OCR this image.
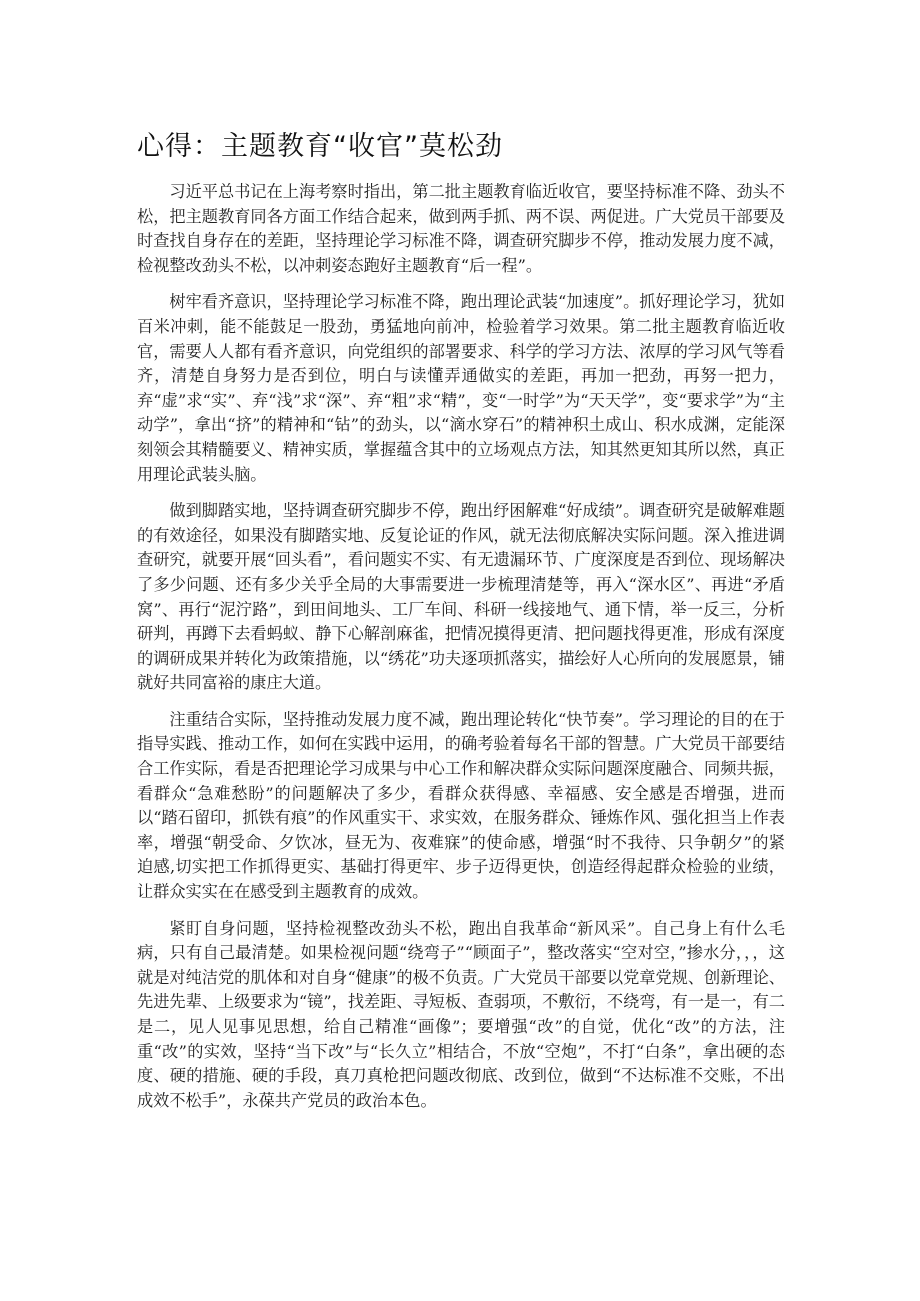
心得：主题教育“收官”莫松劲

习近平总书记在上海考察时指出，第二批主题教育临近收官，要坚持标准不降、劲头不松，把主题教育同各方面工作结合起来，做到两手抓、两不误、两促进。广大党员干部要及时查找自身存在的差距，坚持理论学习标准不降，调查研究脚步不停，推动发展力度不减，检视整改劲头不松，以冲刺姿态跑好主题教育“后一程”。

树牢看齐意识，坚持理论学习标准不降，跑出理论武装“加速度”。抓好理论学习，犹如百米冲刺，能不能鼓足一股劲，勇猛地向前冲，检验着学习效果。第二批主题教育临近收官，需要人人都有看齐意识，向党组织的部署要求、科学的学习方法、浓厚的学习风气等看齐，清楚自身努力是否到位，明白与读懂弄通做实的差距，再加一把劲，再努一把力，弃“虚”求“实”、弃“浅”求“深”、弃“粗”求“精”，变“一时学”为“天天学”，变“要求学”为“主动学”，拿出“挤”的精神和“钻”的劲头，以“滴水穿石”的精神积土成山、积水成渊，定能深刻领会其精髓要义、精神实质，掌握蕴含其中的立场观点方法，知其然更知其所以然，真正用理论武装头脑。

做到脚踏实地，坚持调查研究脚步不停，跑出纾困解难“好成绩”。调查研究是破解难题的有效途径，如果没有脚踏实地、反复论证的作风，就无法彻底解决实际问题。深入推进调查研究，就要开展“回头看”，看问题实不实、有无遗漏环节、广度深度是否到位、现场解决了多少问题、还有多少关乎全局的大事需要进一步梳理清楚等，再入“深水区”、再进“矛盾窝”、再行“泥泞路”，到田间地头、工厂车间、科研一线接地气、通下情，举一反三，分析研判，再蹲下去看蚂蚁、静下心解剖麻雀，把情况摸得更清、把问题找得更准，形成有深度的调研成果并转化为政策措施，以“绣花”功夫逐项抓落实，描绘好人心所向的发展愿景，铺就好共同富裕的康庄大道。

注重结合实际，坚持推动发展力度不减，跑出理论转化“快节奏”。学习理论的目的在于指导实践、推动工作，如何在实践中运用，的确考验着每名干部的智慧。广大党员干部要结合工作实际，看是否把理论学习成果与中心工作和解决群众实际问题深度融合、同频共振，看群众“急难愁盼”的问题解决了多少，看群众获得感、幸福感、安全感是否增强，进而以“踏石留印，抓铁有痕”的作风重实干、求实效，在服务群众、锤炼作风、强化担当上作表率，增强“朝受命、夕饮冰，昼无为、夜难寐”的使命感，增强“时不我待、只争朝夕”的紧迫感,切实把工作抓得更实、基础打得更牢、步子迈得更快，创造经得起群众检验的业绩，让群众实实在在感受到主题教育的成效。

紧盯自身问题，坚持检视整改劲头不松，跑出自我革命“新风采”。自己身上有什么毛病，只有自己最清楚。如果检视问题“绕弯子”“顾面子”，整改落实“空对空，”掺水分，，，这就是对纯洁党的肌体和对自身“健康”的极不负责。广大党员干部要以党章党规、创新理论、先进先辈、上级要求为“镜”，找差距、寻短板、查弱项，不敷衍，不绕弯，有一是一，有二是二，见人见事见思想，给自己精准“画像”；要增强“改”的自觉，优化“改”的方法，注重“改”的实效，坚持“当下改”与“长久立”相结合，不放“空炮”，不打“白条”，拿出硬的态度、硬的措施、硬的手段，真刀真枪把问题改彻底、改到位，做到“不达标准不交账，不出成效不松手”，永葆共产党员的政治本色。
